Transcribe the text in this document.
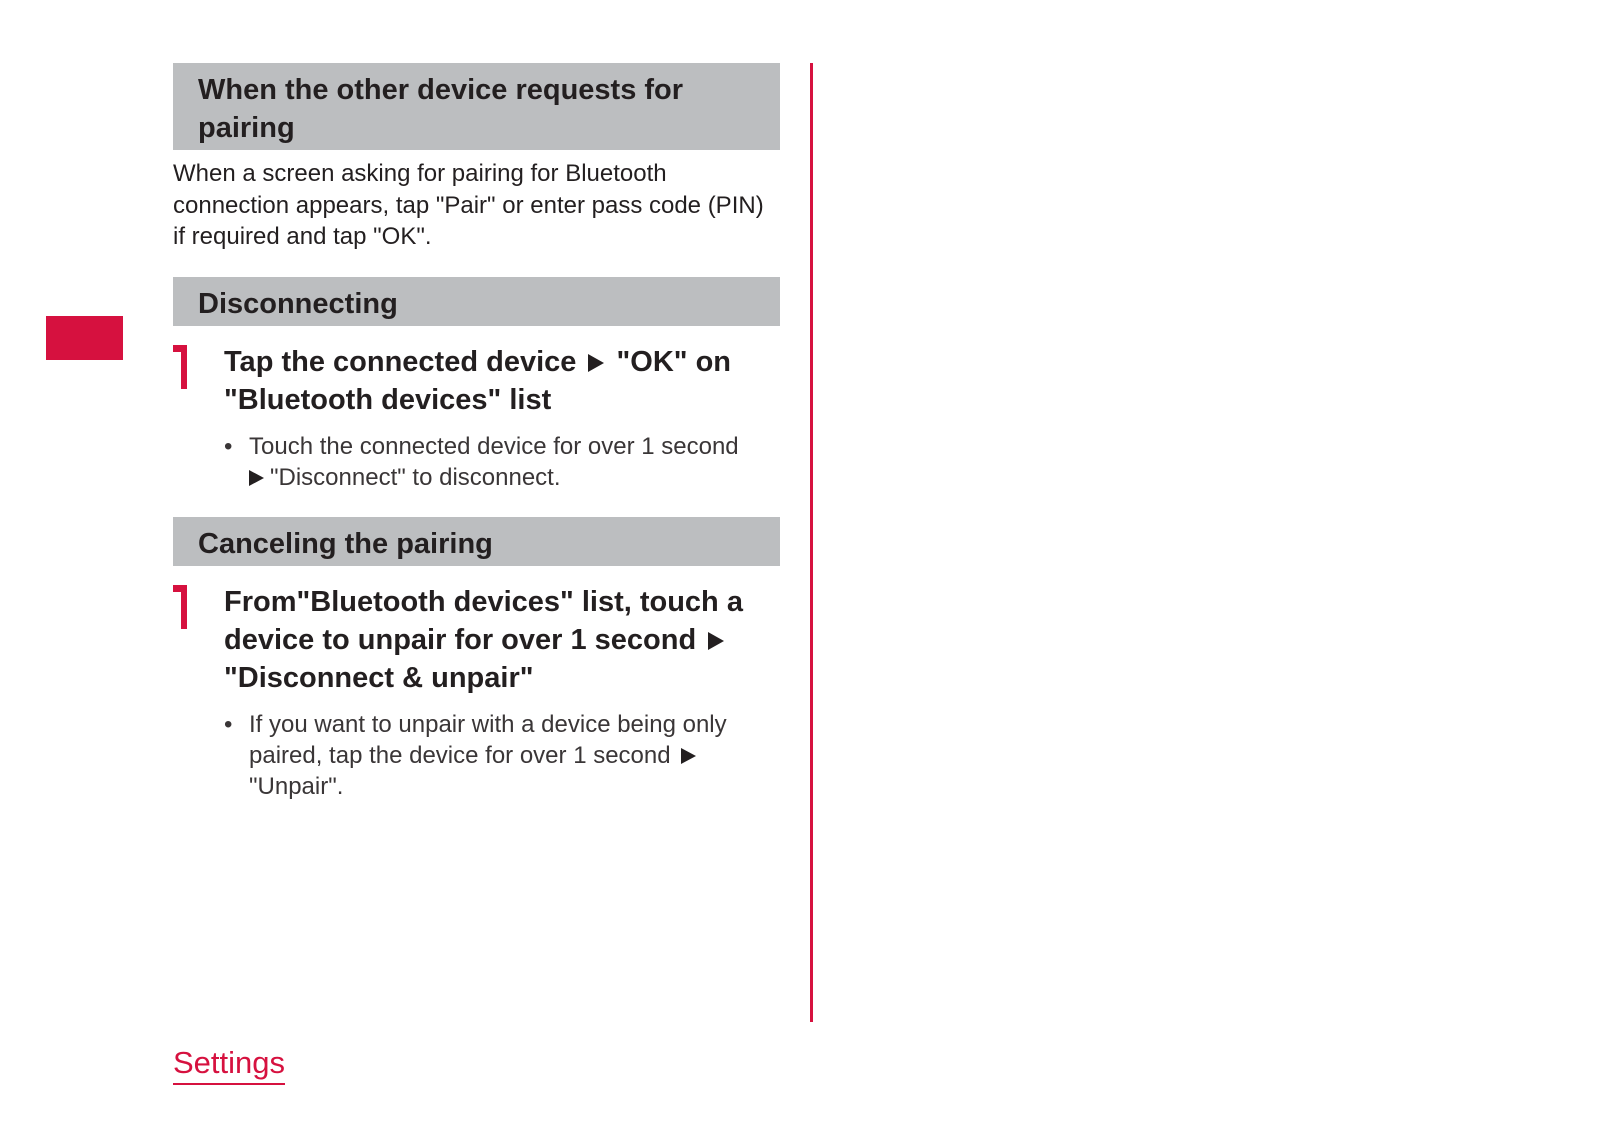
When the other device requests for pairing
When a screen asking for pairing for Bluetooth connection appears, tap "Pair" or enter pass code (PIN) if required and tap "OK".
Disconnecting
Tap the connected device "OK" on "Bluetooth devices" list
• Touch the connected device for over 1 second
"Disconnect" to disconnect.
Canceling the pairing
From"Bluetooth devices" list, touch a device to unpair for over 1 second  "Disconnect & unpair"
• If you want to unpair with a device being only paired, tap the device for over 1 second  "Unpair".
Settings
